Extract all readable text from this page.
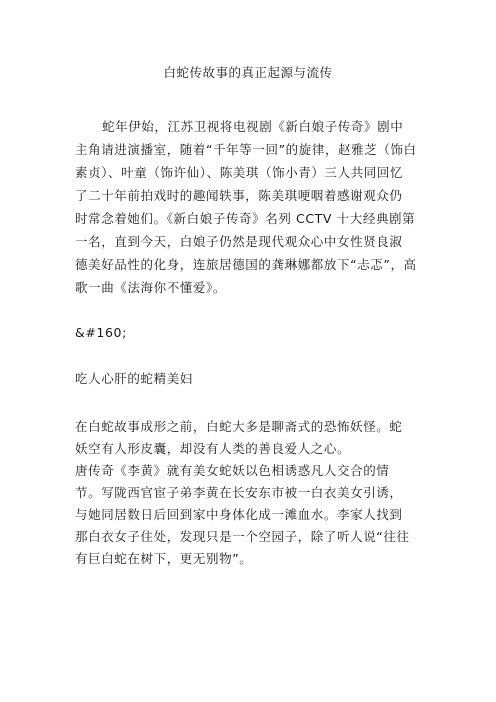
白蛇传故事的真正起源与流传
蛇年伊始，江苏卫视将电视剧《新白娘子传奇》剧中
主角请进演播室，随着“千年等一回”的旋律，赵雅芝（饰白
素贞）、叶童（饰许仙）、陈美琪（饰小青）三人共同回忆
了二十年前拍戏时的趣闻轶事，陈美琪哽咽着感谢观众仍
时常念着她们。《新白娘子传奇》名列 CCTV 十大经典剧第
一名，直到今天，白娘子仍然是现代观众心中女性贤良淑
德美好品性的化身，连旅居德国的龚琳娜都放下“忐忑”，高
歌一曲《法海你不懂爱》。
&#160;
吃人心肝的蛇精美妇
在白蛇故事成形之前，白蛇大多是聊斋式的恐怖妖怪。蛇
妖空有人形皮囊，却没有人类的善良爱人之心。
唐传奇《李黄》就有美女蛇妖以色相诱惑凡人交合的情
节。写陇西官宦子弟李黄在长安东市被一白衣美女引诱，
与她同居数日后回到家中身体化成一滩血水。李家人找到
那白衣女子住处，发现只是一个空园子，除了听人说“往往
有巨白蛇在树下，更无别物”。
